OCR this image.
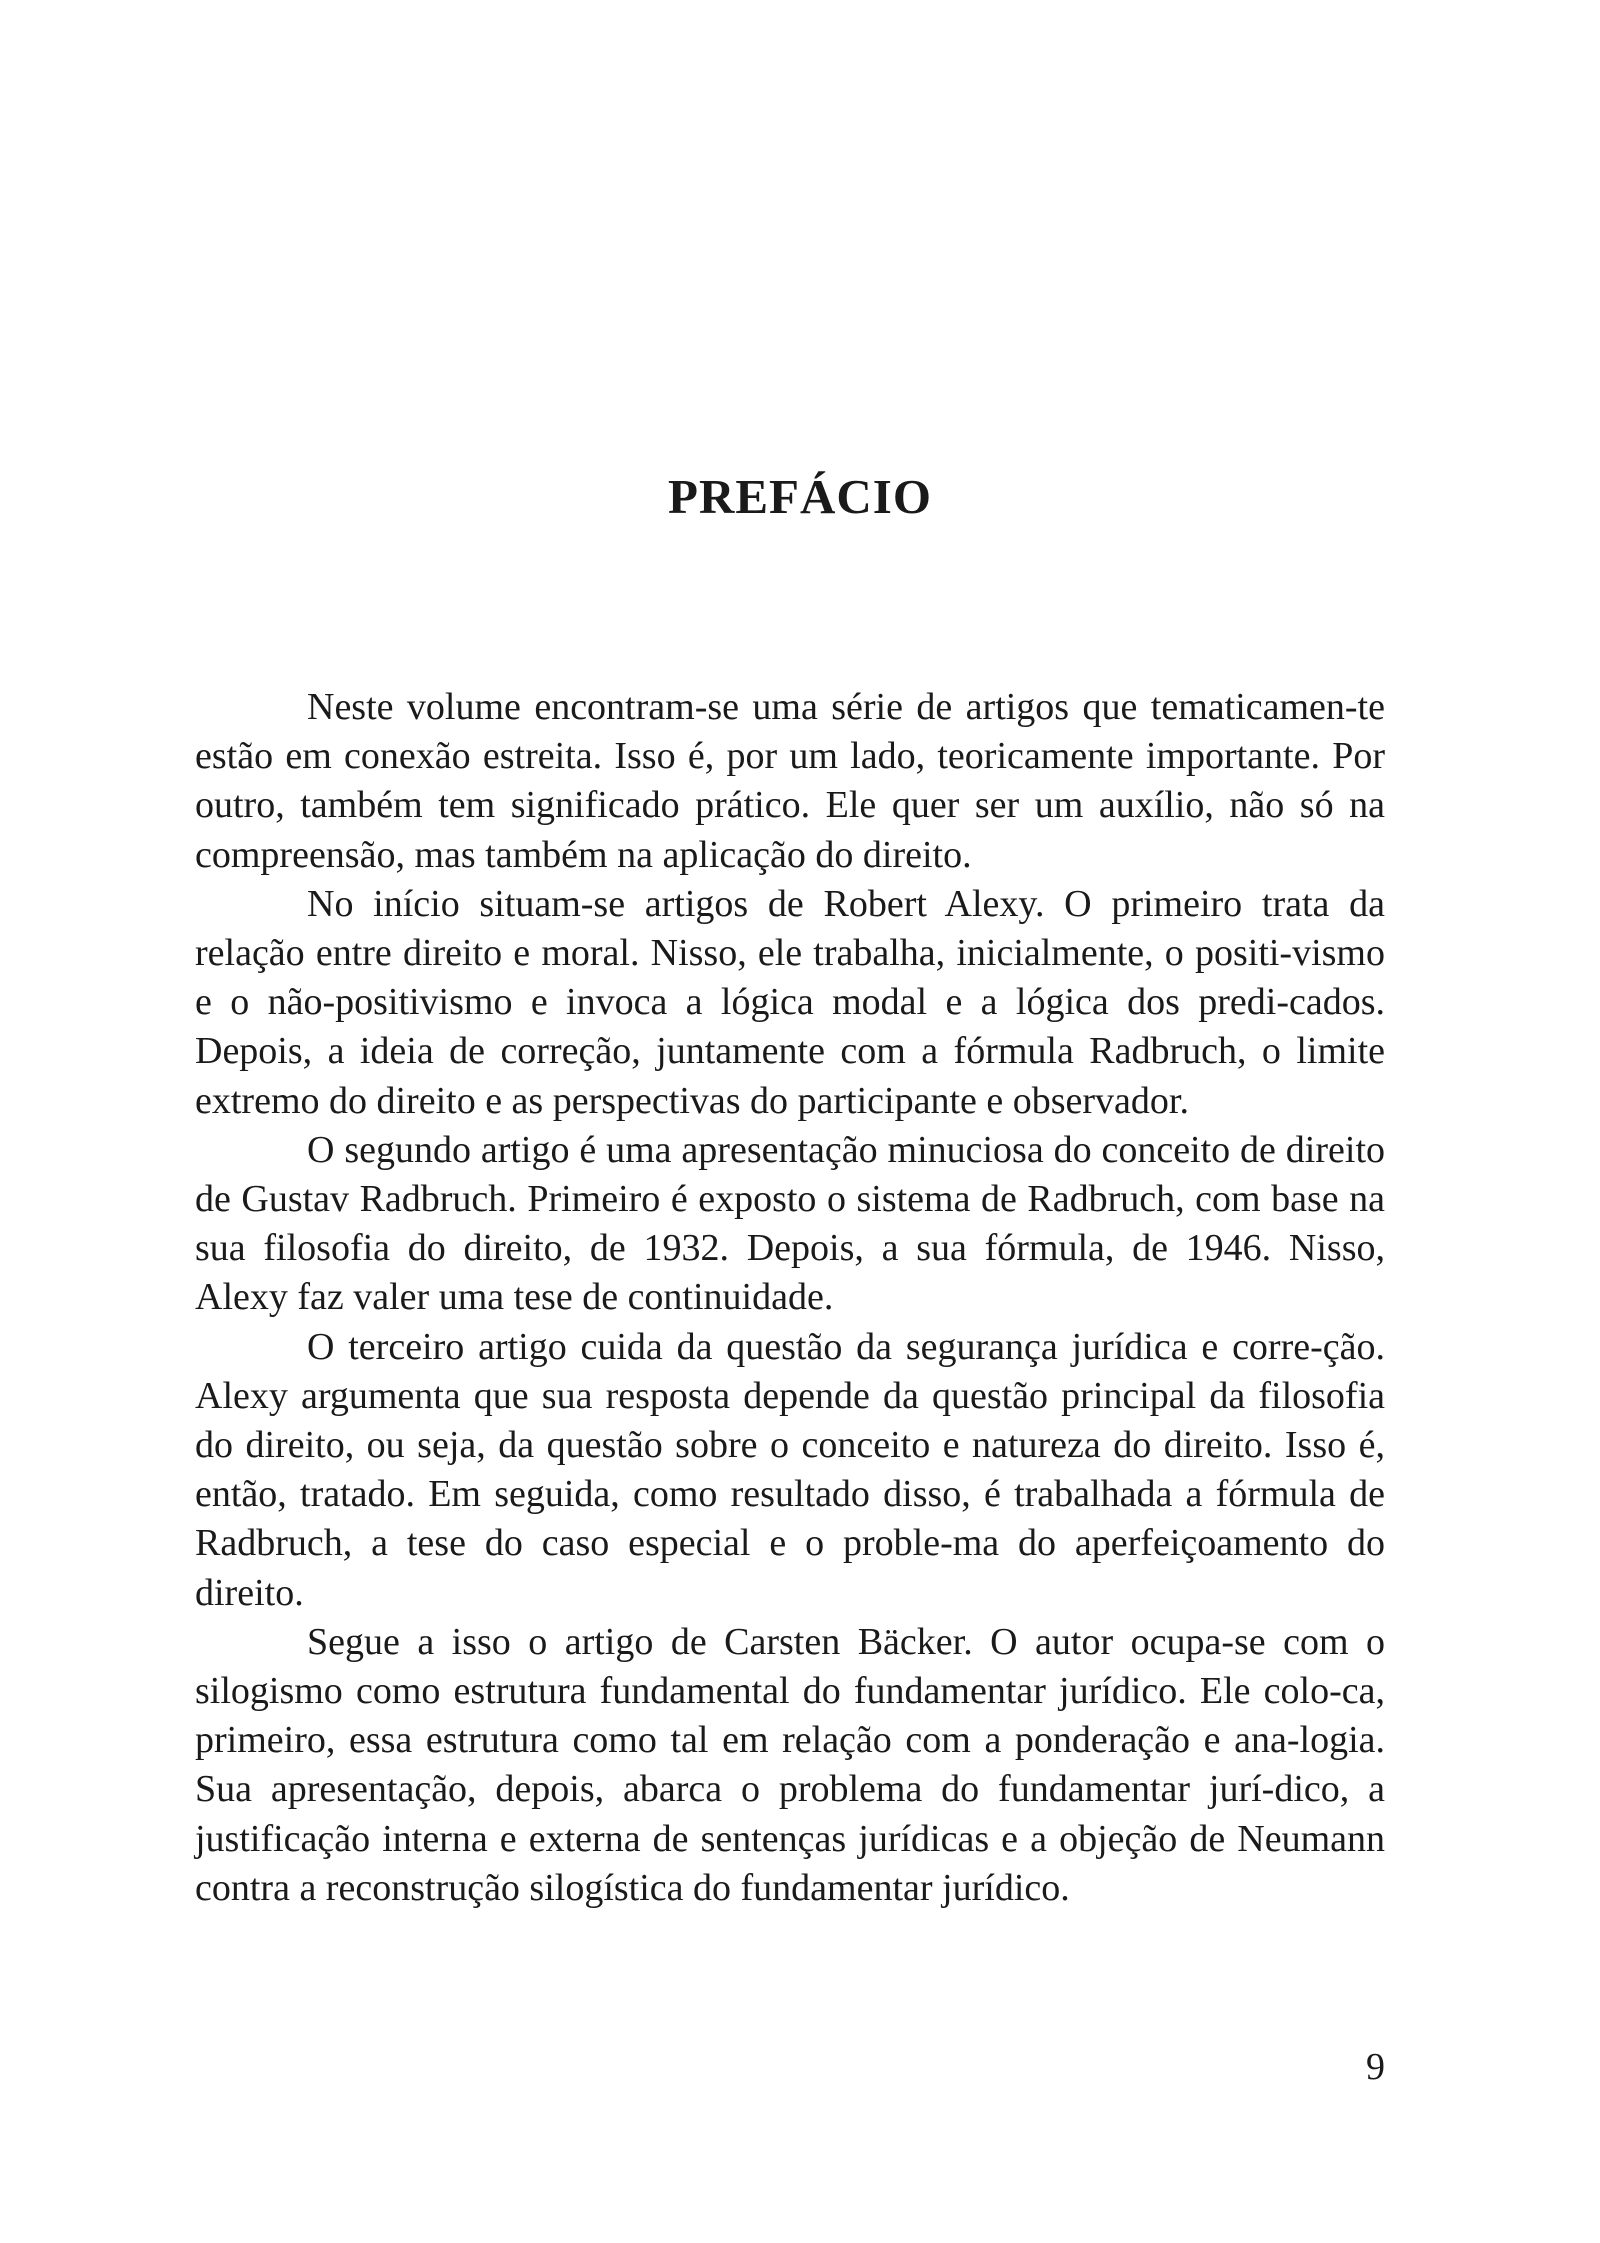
PREFÁCIO

Neste volume encontram-se uma série de artigos que tematicamen-te estão em conexão estreita. Isso é, por um lado, teoricamente importante. Por outro, também tem significado prático. Ele quer ser um auxílio, não só na compreensão, mas também na aplicação do direito.

No início situam-se artigos de Robert Alexy. O primeiro trata da relação entre direito e moral. Nisso, ele trabalha, inicialmente, o positi-vismo e o não-positivismo e invoca a lógica modal e a lógica dos predi-cados. Depois, a ideia de correção, juntamente com a fórmula Radbruch, o limite extremo do direito e as perspectivas do participante e observador.

O segundo artigo é uma apresentação minuciosa do conceito de direito de Gustav Radbruch. Primeiro é exposto o sistema de Radbruch, com base na sua filosofia do direito, de 1932. Depois, a sua fórmula, de 1946. Nisso, Alexy faz valer uma tese de continuidade.

O terceiro artigo cuida da questão da segurança jurídica e corre-ção. Alexy argumenta que sua resposta depende da questão principal da filosofia do direito, ou seja, da questão sobre o conceito e natureza do direito. Isso é, então, tratado. Em seguida, como resultado disso, é trabalhada a fórmula de Radbruch, a tese do caso especial e o proble-ma do aperfeiçoamento do direito.

Segue a isso o artigo de Carsten Bäcker. O autor ocupa-se com o silogismo como estrutura fundamental do fundamentar jurídico. Ele colo-ca, primeiro, essa estrutura como tal em relação com a ponderação e ana-logia. Sua apresentação, depois, abarca o problema do fundamentar jurí-dico, a justificação interna e externa de sentenças jurídicas e a objeção de Neumann contra a reconstrução silogística do fundamentar jurídico.

9
